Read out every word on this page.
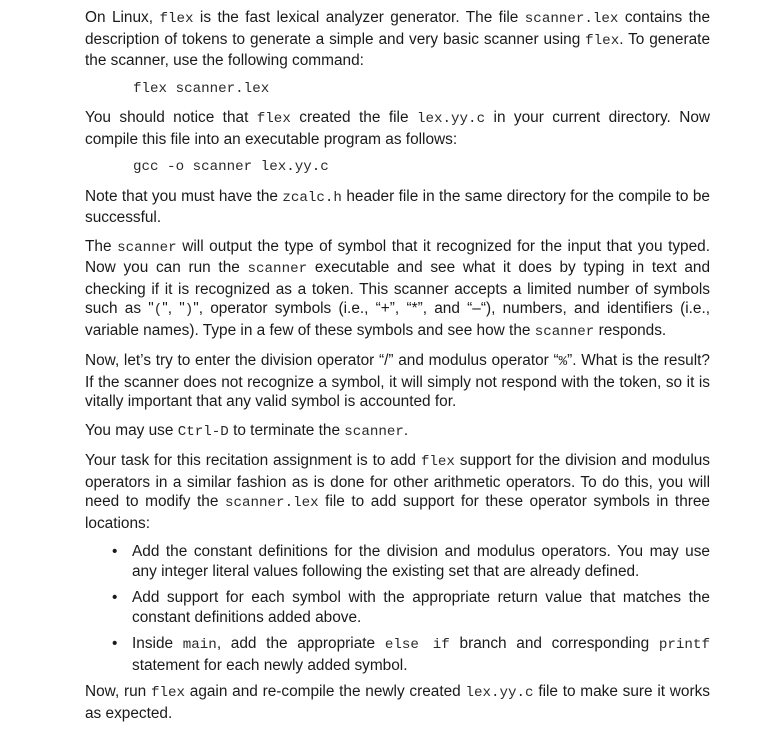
On Linux, flex is the fast lexical analyzer generator. The file scanner.lex contains the description of tokens to generate a simple and very basic scanner using flex. To generate the scanner, use the following command:

flex scanner.lex

You should notice that flex created the file lex.yy.c in your current directory. Now compile this file into an executable program as follows:

gcc -o scanner lex.yy.c

Note that you must have the zcalc.h header file in the same directory for the compile to be successful.

The scanner will output the type of symbol that it recognized for the input that you typed. Now you can run the scanner executable and see what it does by typing in text and checking if it is recognized as a token. This scanner accepts a limited number of symbols such as "(", ")", operator symbols (i.e., “+”, “*”, and “–“), numbers, and identifiers (i.e., variable names). Type in a few of these symbols and see how the scanner responds.

Now, let’s try to enter the division operator “/” and modulus operator “%”. What is the result? If the scanner does not recognize a symbol, it will simply not respond with the token, so it is vitally important that any valid symbol is accounted for.

You may use Ctrl-D to terminate the scanner.

Your task for this recitation assignment is to add flex support for the division and modulus operators in a similar fashion as is done for other arithmetic operators. To do this, you will need to modify the scanner.lex file to add support for these operator symbols in three locations:

• Add the constant definitions for the division and modulus operators. You may use any integer literal values following the existing set that are already defined.
• Add support for each symbol with the appropriate return value that matches the constant definitions added above.
• Inside main, add the appropriate else if branch and corresponding printf statement for each newly added symbol.

Now, run flex again and re-compile the newly created lex.yy.c file to make sure it works as expected.
